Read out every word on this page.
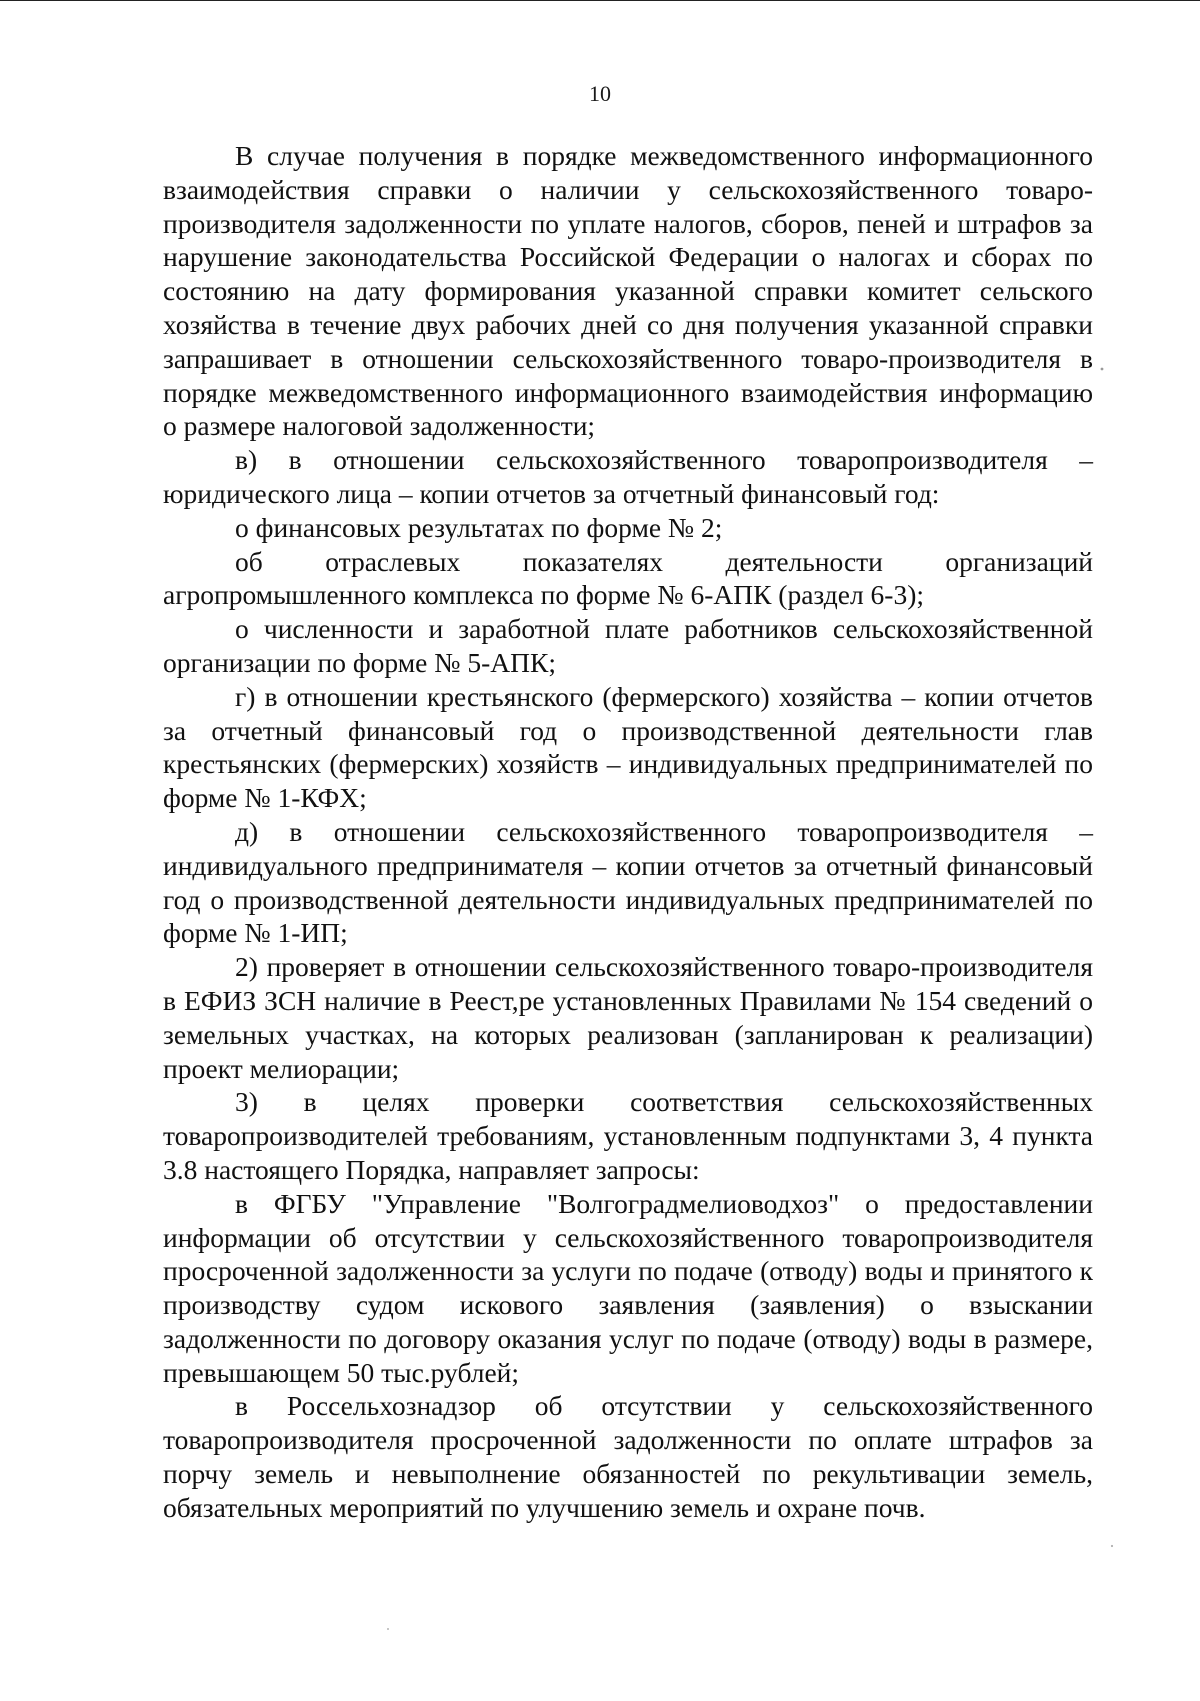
10

В случае получения в порядке межведомственного информационного взаимодействия справки о наличии у сельскохозяйственного товаро-производителя задолженности по уплате налогов, сборов, пеней и штрафов за нарушение законодательства Российской Федерации о налогах и сборах по состоянию на дату формирования указанной справки комитет сельского хозяйства в течение двух рабочих дней со дня получения указанной справки запрашивает в отношении сельскохозяйственного товаро-производителя в порядке межведомственного информационного взаимодействия информацию о размере налоговой задолженности;

в) в отношении сельскохозяйственного товаропроизводителя – юридического лица – копии отчетов за отчетный финансовый год:

о финансовых результатах по форме № 2;

об отраслевых показателях деятельности организаций агропромышленного комплекса по форме № 6-АПК (раздел 6-3);

о численности и заработной плате работников сельскохозяйственной организации по форме № 5-АПК;

г) в отношении крестьянского (фермерского) хозяйства – копии отчетов за отчетный финансовый год о производственной деятельности глав крестьянских (фермерских) хозяйств – индивидуальных предпринимателей по форме № 1-КФХ;

д) в отношении сельскохозяйственного товаропроизводителя – индивидуального предпринимателя – копии отчетов за отчетный финансовый год о производственной деятельности индивидуальных предпринимателей по форме № 1-ИП;

2) проверяет в отношении сельскохозяйственного товаро-производителя в ЕФИЗ ЗСН наличие в Реест,ре установленных Правилами № 154 сведений о земельных участках, на которых реализован (запланирован к реализации) проект мелиорации;

3) в целях проверки соответствия сельскохозяйственных товаропроизводителей требованиям, установленным подпунктами 3, 4 пункта 3.8 настоящего Порядка, направляет запросы:

в ФГБУ "Управление "Волгоградмелиоводхоз" о предоставлении информации об отсутствии у сельскохозяйственного товаропроизводителя просроченной задолженности за услуги по подаче (отводу) воды и принятого к производству судом искового заявления (заявления) о взыскании задолженности по договору оказания услуг по подаче (отводу) воды в размере, превышающем 50 тыс.рублей;

в Россельхознадзор об отсутствии у сельскохозяйственного товаропроизводителя просроченной задолженности по оплате штрафов за порчу земель и невыполнение обязанностей по рекультивации земель, обязательных мероприятий по улучшению земель и охране почв.
